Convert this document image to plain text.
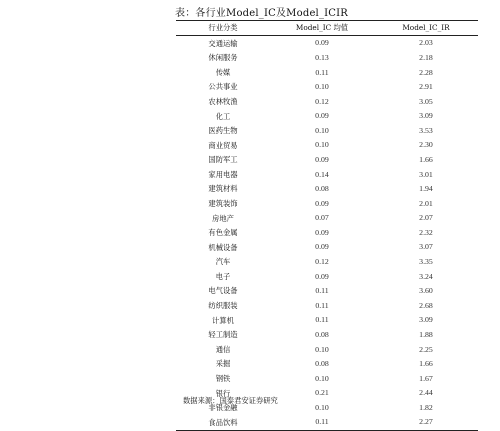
表：各行业Model_IC及Model_ICIR
行业分类	Model_IC 均值	Model_IC_IR
交通运输	0.09	2.03
休闲服务	0.13	2.18
传媒	0.11	2.28
公共事业	0.10	2.91
农林牧渔	0.12	3.05
化工	0.09	3.09
医药生物	0.10	3.53
商业贸易	0.10	2.30
国防军工	0.09	1.66
家用电器	0.14	3.01
建筑材料	0.08	1.94
建筑装饰	0.09	2.01
房地产	0.07	2.07
有色金属	0.09	2.32
机械设备	0.09	3.07
汽车	0.12	3.35
电子	0.09	3.24
电气设备	0.11	3.60
纺织服装	0.11	2.68
计算机	0.11	3.09
轻工制造	0.08	1.88
通信	0.10	2.25
采掘	0.08	1.66
钢铁	0.10	1.67
银行	0.21	2.44
非银金融	0.10	1.82
食品饮料	0.11	2.27
数据来源：国泰君安证券研究
